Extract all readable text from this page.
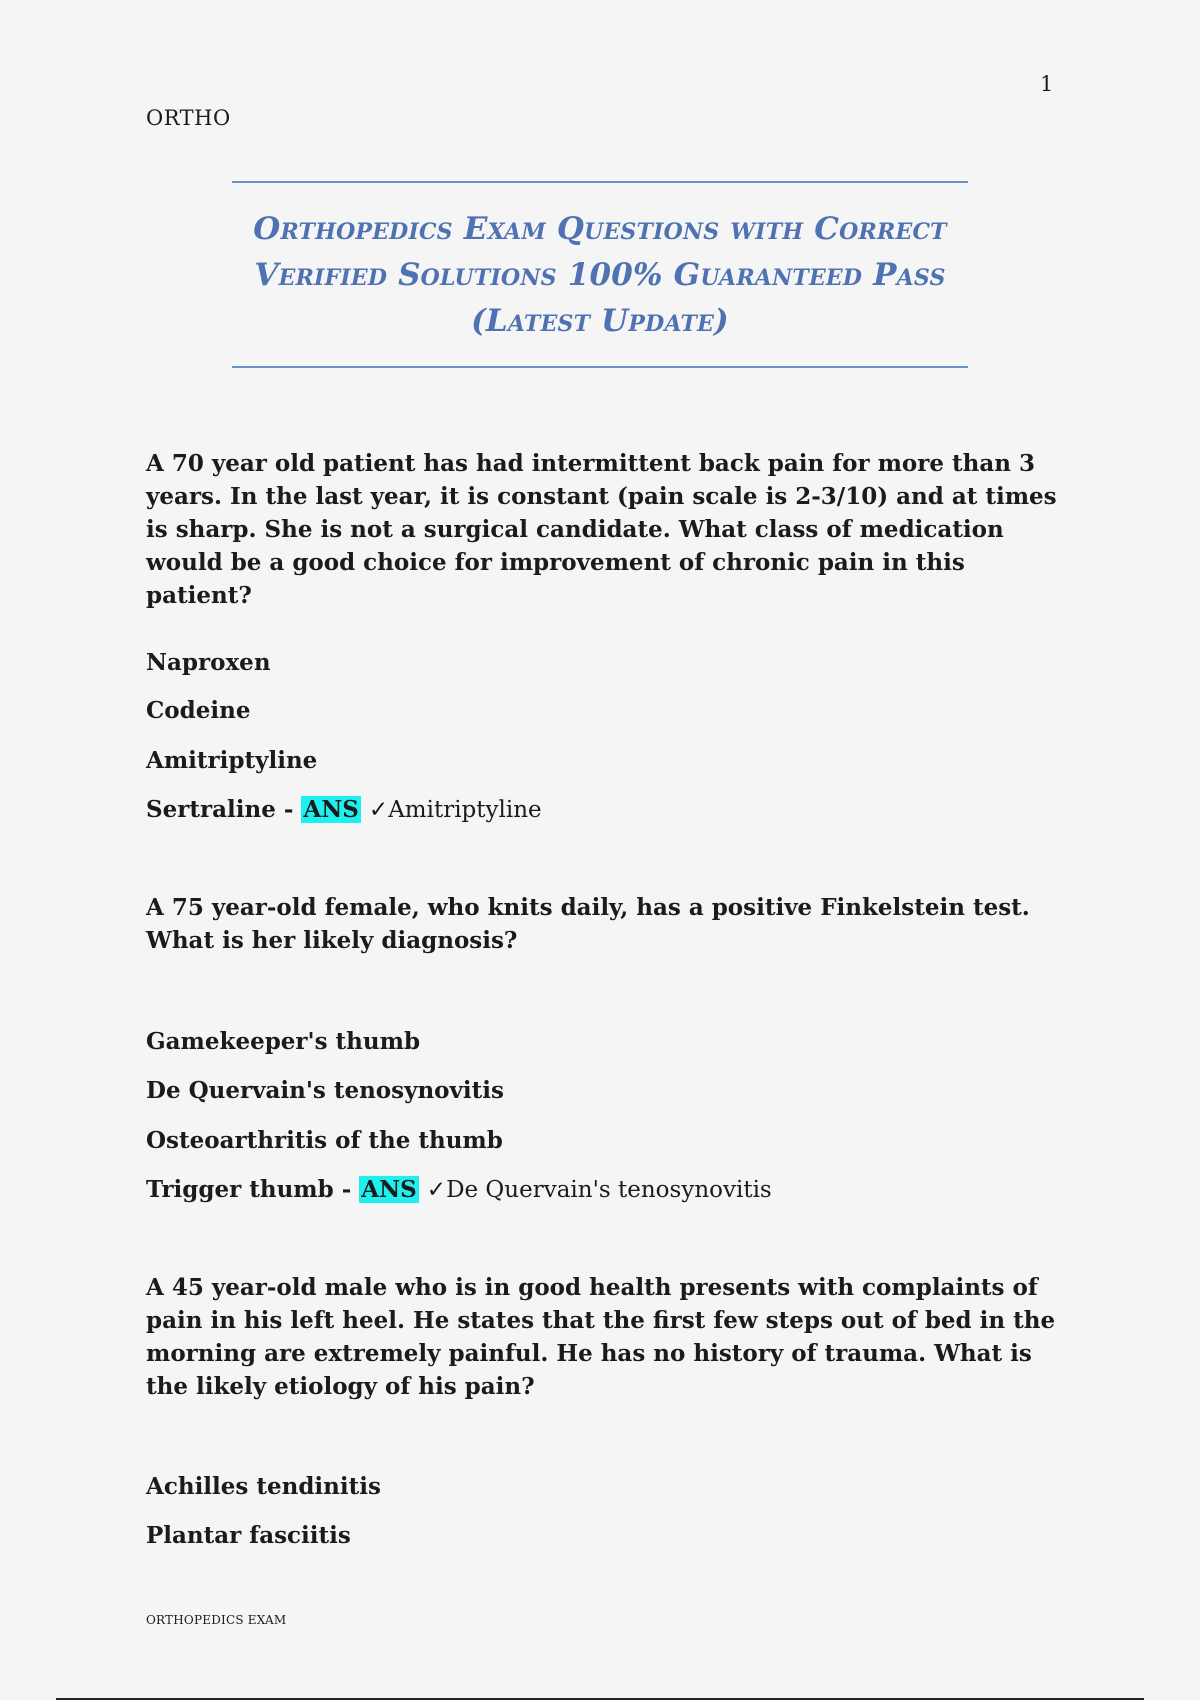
1
ORTHO

Orthopedics Exam Questions with Correct

Verified Solutions 100% Guaranteed Pass

(Latest Update)

A 70 year old patient has had intermittent back pain for more than 3 years. In the last year, it is constant (pain scale is 2-3/10) and at times is sharp. She is not a surgical candidate. What class of medication would be a good choice for improvement of chronic pain in this patient?
Naproxen
Codeine
Amitriptyline
Sertraline - ANS ✓Amitriptyline
A 75 year-old female, who knits daily, has a positive Finkelstein test. What is her likely diagnosis?
Gamekeeper's thumb
De Quervain's tenosynovitis
Osteoarthritis of the thumb
Trigger thumb - ANS ✓De Quervain's tenosynovitis
A 45 year-old male who is in good health presents with complaints of pain in his left heel. He states that the first few steps out of bed in the morning are extremely painful. He has no history of trauma. What is the likely etiology of his pain?
Achilles tendinitis
Plantar fasciitis
ORTHOPEDICS EXAM
